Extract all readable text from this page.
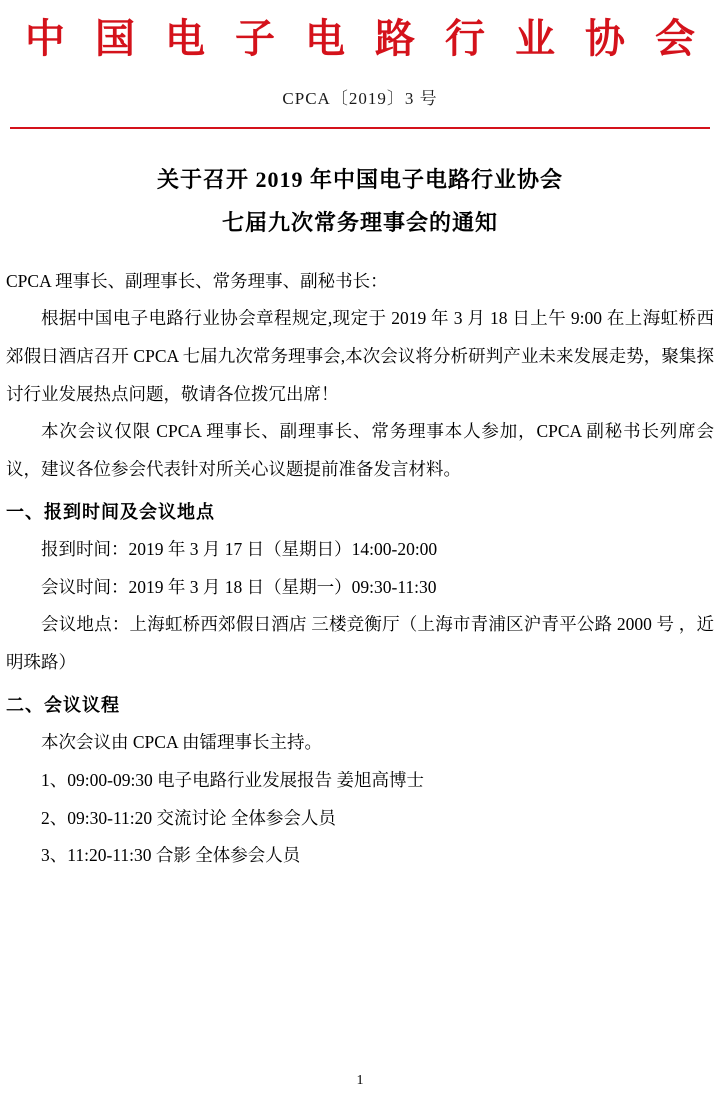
中 国 电 子 电 路 行 业 协 会
CPCA〔2019〕3 号
关于召开 2019 年中国电子电路行业协会
七届九次常务理事会的通知

CPCA 理事长、副理事长、常务理事、副秘书长：

根据中国电子电路行业协会章程规定,现定于 2019 年 3 月 18 日上午 9:00 在上海虹桥西郊假日酒店召开 CPCA 七届九次常务理事会,本次会议将分析研判产业未来发展走势，聚集探讨行业发展热点问题，敬请各位拨冗出席！

本次会议仅限 CPCA 理事长、副理事长、常务理事本人参加，CPCA 副秘书长列席会议，建议各位参会代表针对所关心议题提前准备发言材料。

一、报到时间及会议地点

报到时间：2019 年 3 月 17 日（星期日）14:00-20:00

会议时间：2019 年 3 月 18 日（星期一）09:30-11:30

会议地点：上海虹桥西郊假日酒店 三楼竞衡厅（上海市青浦区沪青平公路 2000 号 ，近明珠路）

二、会议议程

本次会议由 CPCA 由镭理事长主持。

1、09:00-09:30 电子电路行业发展报告 姜旭高博士

2、09:30-11:20 交流讨论 全体参会人员

3、11:20-11:30 合影 全体参会人员

1
